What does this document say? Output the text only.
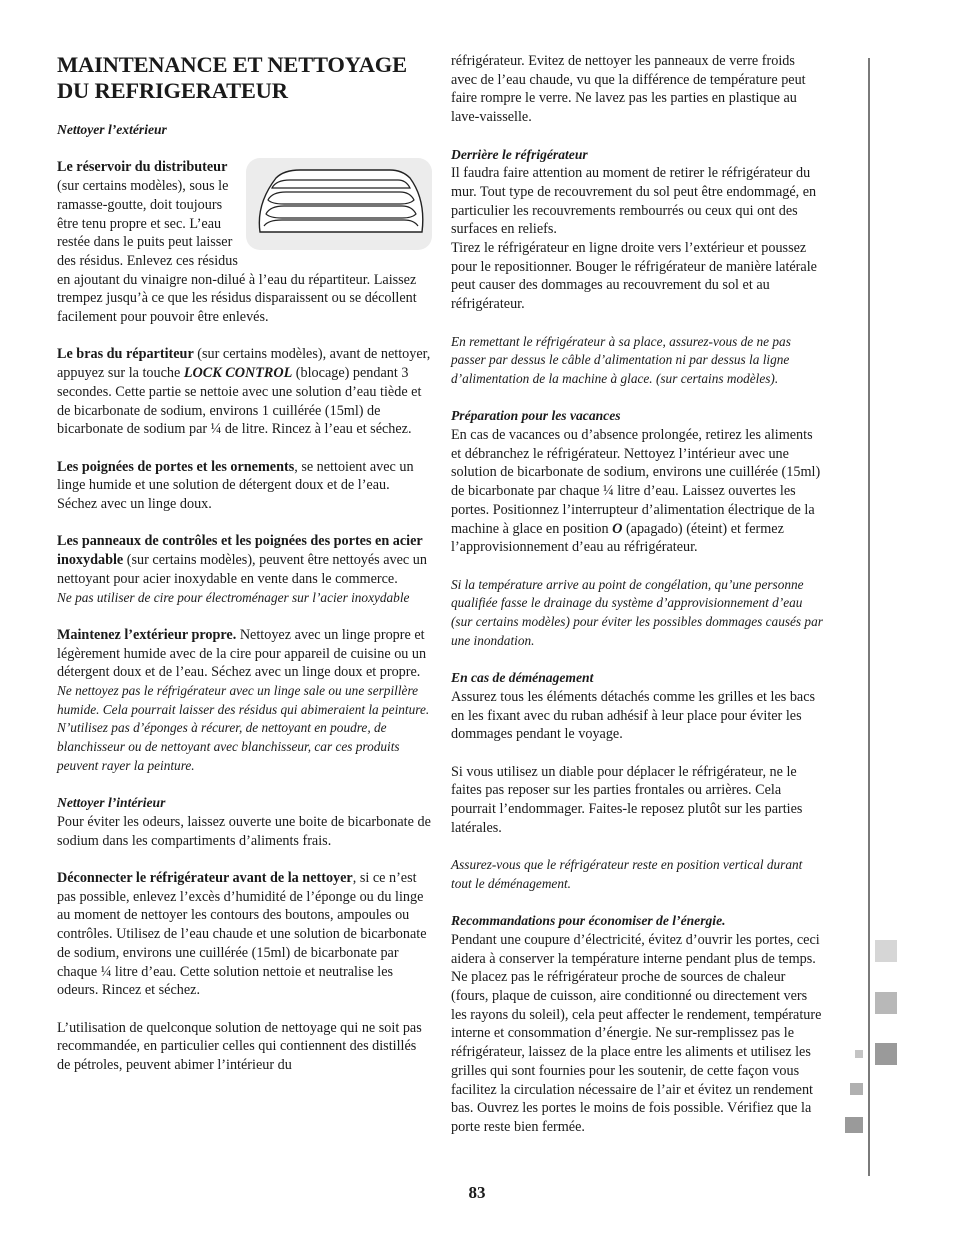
MAINTENANCE ET NETTOYAGE DU REFRIGERATEUR

Nettoyer l’extérieur

Le réservoir du distributeur
(sur certains modèles), sous le ramasse-goutte, doit toujours être tenu propre et sec. L’eau restée dans le puits peut laisser des résidus. Enlevez ces résidus en ajoutant du vinaigre non-dilué à l’eau du répartiteur. Laissez trempez jusqu’à ce que les résidus disparaissent ou se décollent facilement pour pouvoir être enlevés.

Le bras du répartiteur (sur certains modèles), avant de nettoyer, appuyez sur la touche LOCK CONTROL (blocage) pendant 3 secondes. Cette partie se nettoie avec une solution d’eau tiède et de bicarbonate de sodium, environs 1 cuillérée (15ml) de bicarbonate de sodium par ¼ de litre. Rincez à l’eau et séchez.

Les poignées de portes et les ornements, se nettoient avec un linge humide et une solution de détergent doux et de l’eau. Séchez avec un linge doux.

Les panneaux de contrôles et les poignées des portes en acier inoxydable (sur certains modèles), peuvent être nettoyés avec un nettoyant pour acier inoxydable en vente dans le commerce.

Ne pas utiliser de cire pour électroménager sur l’acier inoxydable

Maintenez l’extérieur propre. Nettoyez avec un linge propre et légèrement humide avec de la cire pour appareil de cuisine ou un détergent doux et de l’eau. Séchez avec un linge doux et propre.

Ne nettoyez pas le réfrigérateur avec un linge sale ou une serpillère humide. Cela pourrait laisser des résidus qui abimeraient la peinture. N’utilisez pas d’éponges à récurer, de nettoyant en poudre, de blanchisseur ou de nettoyant avec blanchisseur, car ces produits peuvent rayer la peinture.

Nettoyer l’intérieur

Pour éviter les odeurs, laissez ouverte une boite de bicarbonate de sodium dans les compartiments d’aliments frais.

Déconnecter le réfrigérateur avant de la nettoyer, si ce n’est pas possible, enlevez l’excès d’humidité de l’éponge ou du linge au moment de nettoyer les contours des boutons, ampoules ou contrôles. Utilisez de l’eau chaude et une solution de bicarbonate de sodium, environs une cuillérée (15ml) de bicarbonate par chaque ¼ litre d’eau. Cette solution nettoie et neutralise les odeurs. Rincez et séchez.

L’utilisation de quelconque solution de nettoyage qui ne soit pas recommandée, en particulier celles qui contiennent des distillés de pétroles, peuvent abimer l’intérieur du

réfrigérateur. Evitez de nettoyer les panneaux de verre froids avec de l’eau chaude, vu que la différence de température peut faire rompre le verre. Ne lavez pas les parties en plastique au lave-vaisselle.

Derrière le réfrigérateur

Il faudra faire attention au moment de retirer le réfrigérateur du mur. Tout type de recouvrement du sol peut être endommagé, en particulier les recouvrements rembourrés ou ceux qui ont des surfaces en reliefs.

Tirez le réfrigérateur en ligne droite vers l’extérieur et poussez pour le repositionner. Bouger le réfrigérateur de manière latérale peut causer des dommages au recouvrement du sol et au réfrigérateur.

En remettant le réfrigérateur à sa place, assurez-vous de ne pas passer par dessus le câble d’alimentation ni par dessus la ligne d’alimentation de la machine à glace. (sur certains modèles).

Préparation pour les vacances

En cas de vacances ou d’absence prolongée, retirez les aliments et débranchez le réfrigérateur. Nettoyez l’intérieur avec une solution de bicarbonate de sodium, environs une cuillérée (15ml) de bicarbonate par chaque ¼ litre d’eau. Laissez ouvertes les portes. Positionnez l’interrupteur d’alimentation électrique de la machine à glace en position O (apagado) (éteint) et fermez l’approvisionnement d’eau au réfrigérateur.

Si la température arrive au point de congélation, qu’une personne qualifiée fasse le drainage du système d’approvisionnement d’eau (sur certains modèles) pour éviter les possibles dommages causés par une inondation.

En cas de déménagement

Assurez tous les éléments détachés comme les grilles et les bacs en les fixant avec du ruban adhésif à leur place pour éviter les dommages pendant le voyage.

Si vous utilisez un diable pour déplacer le réfrigérateur, ne le faites pas reposer sur les parties frontales ou arrières. Cela pourrait l’endommager. Faites-le reposez plutôt sur les parties latérales.

Assurez-vous que le réfrigérateur reste en position vertical durant tout le déménagement.

Recommandations pour économiser de l’énergie.

Pendant une coupure d’électricité, évitez d’ouvrir les portes, ceci aidera à conserver la température interne pendant plus de temps. Ne placez pas le réfrigérateur proche de sources de chaleur (fours, plaque de cuisson, aire conditionné ou directement vers les rayons du soleil), cela peut affecter le rendement, température interne et consommation d’énergie. Ne sur-remplissez pas le réfrigérateur, laissez de la place entre les aliments et utilisez les grilles qui sont fournies pour les soutenir, de cette façon vous facilitez la circulation nécessaire de l’air et évitez un rendement bas. Ouvrez les portes le moins de fois possible. Vérifiez que la porte reste bien fermée.

83
